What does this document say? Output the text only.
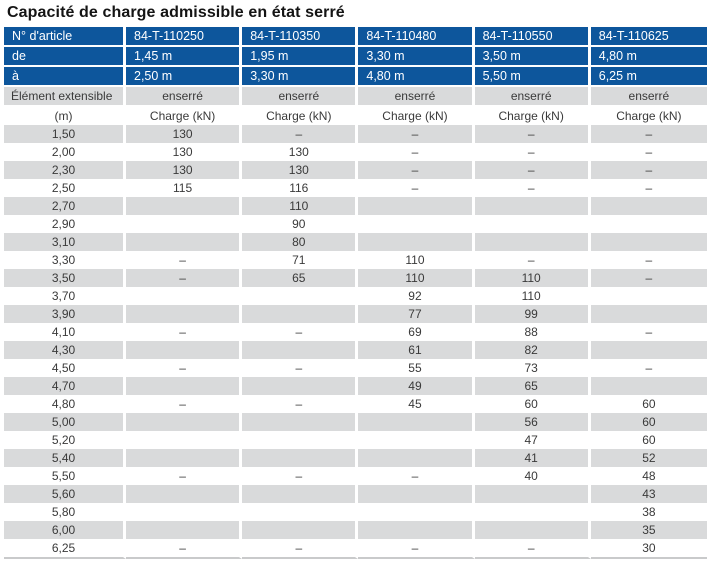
Capacité de charge admissible en état serré
N° d'article	84-T-110250	84-T-110350	84-T-110480	84-T-110550	84-T-110625
de	1,45 m	1,95 m	3,30 m	3,50 m	4,80 m
à	2,50 m	3,30 m	4,80 m	5,50 m	6,25 m
Élément extensible	enserré	enserré	enserré	enserré	enserré
(m)	Charge (kN)	Charge (kN)	Charge (kN)	Charge (kN)	Charge (kN)
1,50	130	–	–	–	–
2,00	130	130	–	–	–
2,30	130	130	–	–	–
2,50	115	116	–	–	–
2,70		110			
2,90		90			
3,10		80			
3,30	–	71	110	–	–
3,50	–	65	110	110	–
3,70			92	110	
3,90			77	99	
4,10	–	–	69	88	–
4,30			61	82	
4,50	–	–	55	73	–
4,70			49	65	
4,80	–	–	45	60	60
5,00				56	60
5,20				47	60
5,40				41	52
5,50	–	–	–	40	48
5,60					43
5,80					38
6,00					35
6,25	–	–	–	–	30
